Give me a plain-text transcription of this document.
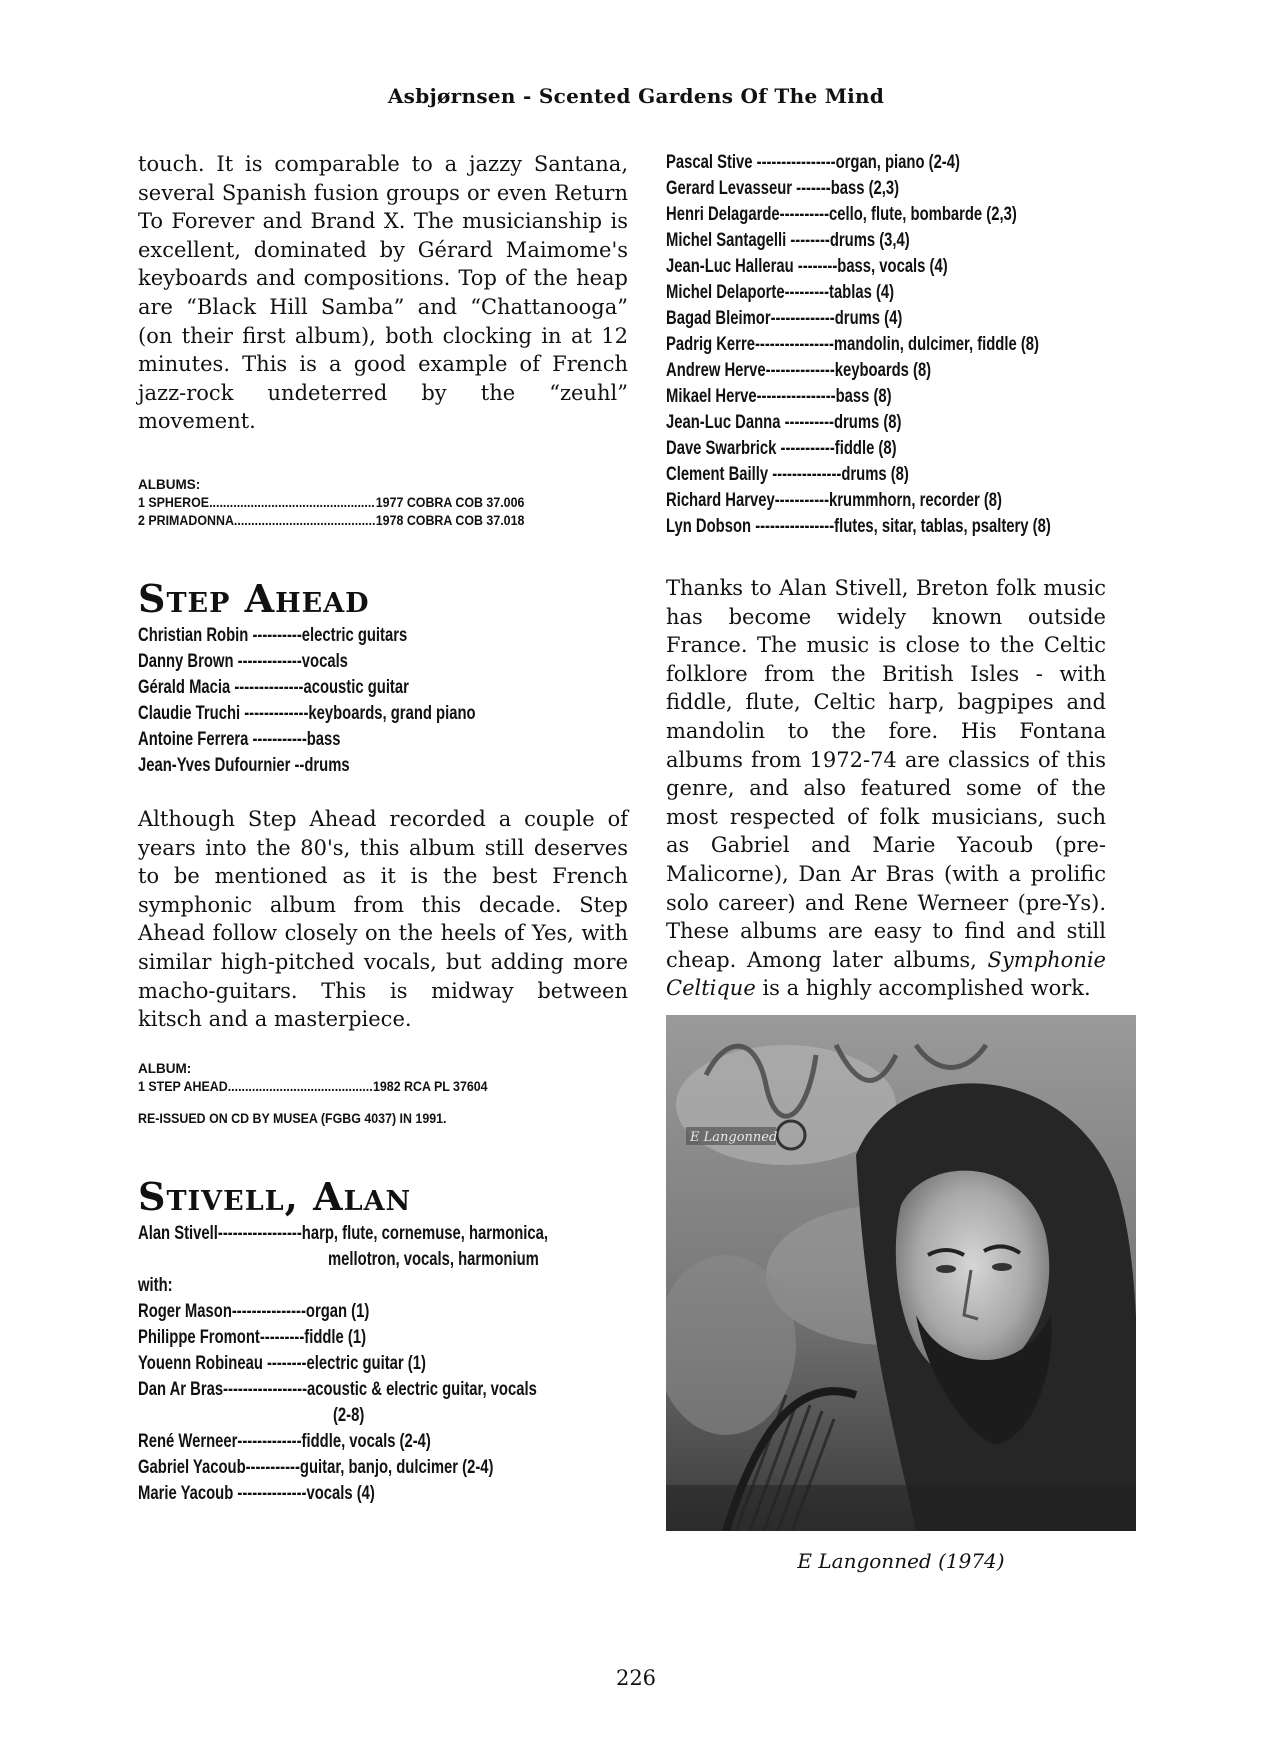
Asbjørnsen - Scented Gardens Of The Mind

touch. It is comparable to a jazzy Santana, several Spanish fusion groups or even Return To Forever and Brand X. The musicianship is excellent, dominated by Gérard Maimome's keyboards and compositions. Top of the heap are “Black Hill Samba” and “Chattanooga” (on their first album), both clocking in at 12 minutes. This is a good example of French jazz-rock undeterred by the “zeuhl” movement.

ALBUMS:
1 SPHEROE .....	1977 COBRA COB 37.006
2 PRIMADONNA .....	1978 COBRA COB 37.018
Step Ahead
Christian Robin ----------electric guitars
Danny Brown -------------vocals
Gérald Macia --------------acoustic guitar
Claudie Truchi -------------keyboards, grand piano
Antoine Ferrera -----------bass
Jean-Yves Dufournier --drums

Although Step Ahead recorded a couple of years into the 80's, this album still deserves to be mentioned as it is the best French symphonic album from this decade. Step Ahead follow closely on the heels of Yes, with similar high-pitched vocals, but adding more macho-guitars. This is midway between kitsch and a masterpiece.

ALBUM:
1 STEP AHEAD .....	1982 RCA PL 37604
RE-ISSUED ON CD BY MUSEA (FGBG 4037) IN 1991.
Stivell, Alan
Alan Stivell-----------------harp, flute, cornemuse, harmonica,
mellotron, vocals, harmonium
with:
Roger Mason---------------organ (1)
Philippe Fromont---------fiddle (1)
Youenn Robineau --------electric guitar (1)
Dan Ar Bras-----------------acoustic & electric guitar, vocals
(2-8)
René Werneer-------------fiddle, vocals (2-4)
Gabriel Yacoub-----------guitar, banjo, dulcimer (2-4)
Marie Yacoub --------------vocals (4)
Pascal Stive ----------------organ, piano (2-4)
Gerard Levasseur -------bass (2,3)
Henri Delagarde----------cello, flute, bombarde (2,3)
Michel Santagelli --------drums (3,4)
Jean-Luc Hallerau --------bass, vocals (4)
Michel Delaporte---------tablas (4)
Bagad Bleimor-------------drums (4)
Padrig Kerre----------------mandolin, dulcimer, fiddle (8)
Andrew Herve--------------keyboards (8)
Mikael Herve----------------bass (8)
Jean-Luc Danna ----------drums (8)
Dave Swarbrick -----------fiddle (8)
Clement Bailly --------------drums (8)
Richard Harvey-----------krummhorn, recorder (8)
Lyn Dobson ----------------flutes, sitar, tablas, psaltery (8)

Thanks to Alan Stivell, Breton folk music has become widely known outside France. The music is close to the Celtic folklore from the British Isles - with fiddle, flute, Celtic harp, bagpipes and mandolin to the fore. His Fontana albums from 1972-74 are classics of this genre, and also featured some of the most respected of folk musicians, such as Gabriel and Marie Yacoub (pre-Malicorne), Dan Ar Bras (with a prolific solo career) and Rene Werneer (pre-Ys). These albums are easy to find and still cheap. Among later albums, Symphonie Celtique is a highly accomplished work.

E Langonned
E Langonned (1974)
226
